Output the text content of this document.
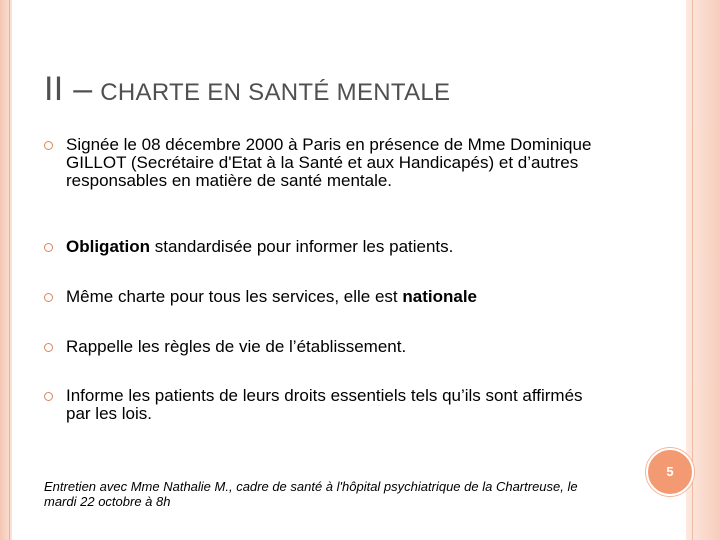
II – CHARTE EN SANTÉ MENTALE
Signée le 08 décembre 2000 à Paris en présence de Mme Dominique GILLOT (Secrétaire d'Etat à la Santé et aux Handicapés) et d’autres responsables en matière de santé mentale.
Obligation standardisée pour informer les patients.
Même charte pour tous les services, elle est nationale
Rappelle les règles de vie de l’établissement.
Informe les patients de leurs droits essentiels tels qu’ils sont affirmés par les lois.
Entretien avec Mme Nathalie M., cadre de santé à l'hôpital psychiatrique de la Chartreuse, le mardi 22 octobre à 8h
5
